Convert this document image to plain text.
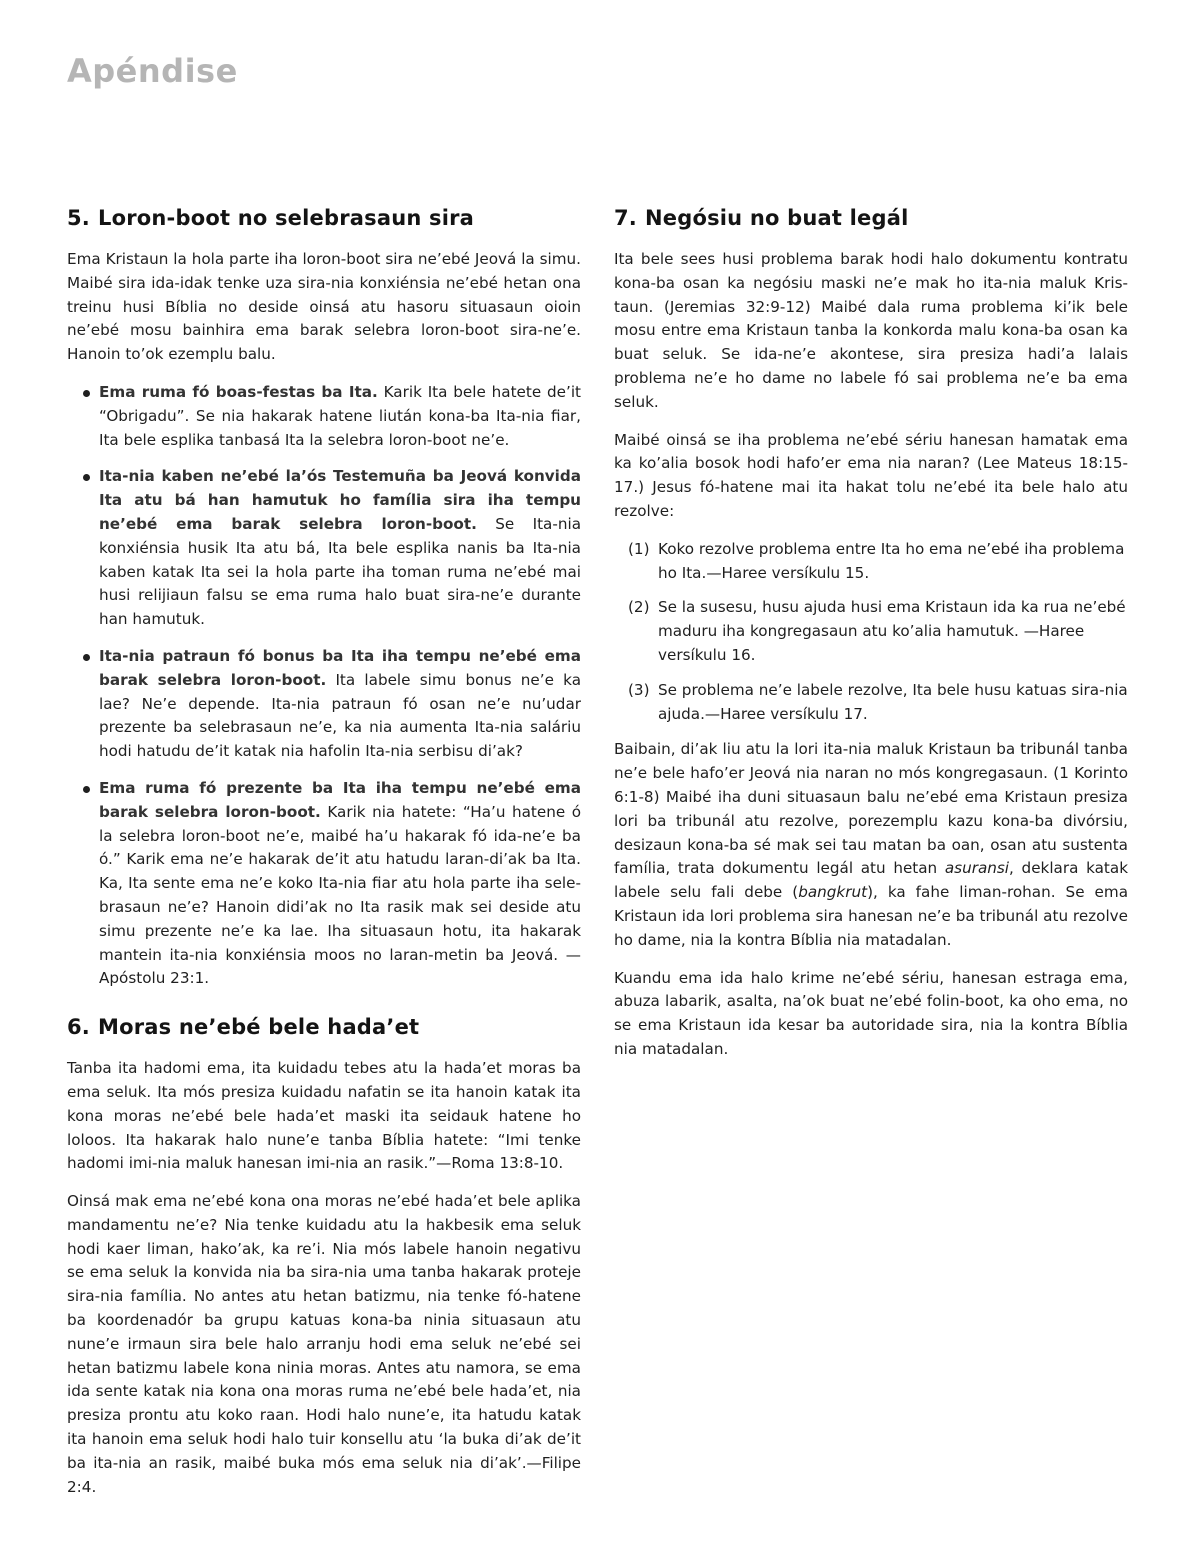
Apéndise
5. Loron-boot no selebrasaun sira

Ema Kristaun la hola parte iha loron-boot sira ne’ebé Jeová la simu. Maibé sira ida-idak tenke uza sira-nia konxiénsia ne’ebé hetan ona treinu husi Bíblia no deside oinsá atu hasoru situasaun oioin ne’ebé mosu bainhira ema barak selebra loron-boot sira-ne’e. Hanoin to’ok ezemplu balu.

Ema ruma fó boas-festas ba Ita. Karik Ita bele hatete de’it “Obrigadu”. Se nia hakarak hatene liután kona-ba Ita-nia fiar, Ita bele esplika tanbasá Ita la selebra loron-boot ne’e.
Ita-nia kaben ne’ebé la’ós Testemuña ba Jeová konvida Ita atu bá han hamutuk ho família sira iha tempu ne’ebé ema barak selebra loron-boot. Se Ita-nia konxiénsia husik Ita atu bá, Ita bele esplika nanis ba Ita-nia kaben katak Ita sei la hola parte iha toman ruma ne’ebé mai husi relijiaun falsu se ema ruma halo buat sira-ne’e durante han hamutuk.
Ita-nia patraun fó bonus ba Ita iha tempu ne’ebé ema barak selebra loron-boot. Ita labele simu bonus ne’e ka lae? Ne’e depende. Ita-nia patraun fó osan ne’e nu’udar prezente ba selebrasaun ne’e, ka nia aumenta Ita-nia saláriu hodi hatudu de’it katak nia hafolin Ita-nia serbisu di’ak?
Ema ruma fó prezente ba Ita iha tempu ne’ebé ema barak selebra loron-boot. Karik nia hatete: “Ha’u hatene ó la selebra loron-boot ne’e, maibé ha’u hakarak fó ida-ne’e ba ó.” Karik ema ne’e hakarak de’it atu hatudu laran-di’ak ba Ita. Ka, Ita sente ema ne’e koko Ita-nia fiar atu hola parte iha selebrasaun ne’e? Hanoin didi’ak no Ita rasik mak sei deside atu simu prezente ne’e ka lae. Iha situasaun hotu, ita hakarak mantein ita-nia konxiénsia moos no laran-metin ba Jeová. —Apóstolu 23:1.
6. Moras ne’ebé bele hada’et

Tanba ita hadomi ema, ita kuidadu tebes atu la hada’et moras ba ema seluk. Ita mós presiza kuidadu nafatin se ita hanoin katak ita kona moras ne’ebé bele hada’et maski ita seidauk hatene ho loloos. Ita hakarak halo nune’e tanba Bíblia hatete: “Imi tenke hadomi imi-nia maluk hanesan imi-nia an rasik.”—Roma 13:8-10.

Oinsá mak ema ne’ebé kona ona moras ne’ebé hada’et bele aplika mandamentu ne’e? Nia tenke kuidadu atu la hakbesik ema seluk hodi kaer liman, hako’ak, ka re’i. Nia mós labele hanoin negativu se ema seluk la konvida nia ba sira-nia uma tanba hakarak proteje sira-nia família. No antes atu hetan batizmu, nia tenke fó-hatene ba koordenadór ba grupu katuas kona-ba ninia situasaun atu nune’e irmaun sira bele halo arranju hodi ema seluk ne’ebé sei hetan batizmu labele kona ninia moras. Antes atu namora, se ema ida sente katak nia kona ona moras ruma ne’ebé bele hada’et, nia presiza prontu atu koko raan. Hodi halo nune’e, ita hatudu katak ita hanoin ema seluk hodi halo tuir konsellu atu ‘la buka di’ak de’it ba ita-nia an rasik, maibé buka mós ema seluk nia di’ak’.—Filipe 2:4.

7. Negósiu no buat legál

Ita bele sees husi problema barak hodi halo dokumentu kontratu kona-ba osan ka negósiu maski ne’e mak ho ita-nia maluk Kristaun. (Jeremias 32:9-12) Maibé dala ruma problema ki’ik bele mosu entre ema Kristaun tanba la konkorda malu kona-ba osan ka buat seluk. Se ida-ne’e akontese, sira presiza hadi’a lalais problema ne’e ho dame no labele fó sai problema ne’e ba ema seluk.

Maibé oinsá se iha problema ne’ebé sériu hanesan hamatak ema ka ko’alia bosok hodi hafo’er ema nia naran? (Lee Mateus 18:15-17.) Jesus fó-hatene mai ita hakat tolu ne’ebé ita bele halo atu rezolve:

(1) Koko rezolve problema entre Ita ho ema ne’ebé iha problema ho Ita.—Haree versíkulu 15.
(2) Se la susesu, husu ajuda husi ema Kristaun ida ka rua ne’ebé maduru iha kongregasaun atu ko’alia hamutuk. —Haree versíkulu 16.
(3) Se problema ne’e labele rezolve, Ita bele husu katuas sira-nia ajuda.—Haree versíkulu 17.

Baibain, di’ak liu atu la lori ita-nia maluk Kristaun ba tribunál tanba ne’e bele hafo’er Jeová nia naran no mós kongregasaun. (1 Korinto 6:1-8) Maibé iha duni situasaun balu ne’ebé ema Kristaun presiza lori ba tribunál atu rezolve, porezemplu kazu kona-ba divórsiu, desizaun kona-ba sé mak sei tau matan ba oan, osan atu sustenta família, trata dokumentu legál atu hetan asuransi, deklara katak labele selu fali debe (bangkrut), ka fahe liman-rohan. Se ema Kristaun ida lori problema sira hanesan ne’e ba tribunál atu rezolve ho dame, nia la kontra Bíblia nia matadalan.

Kuandu ema ida halo krime ne’ebé sériu, hanesan estraga ema, abuza labarik, asalta, na’ok buat ne’ebé folin-boot, ka oho ema, no se ema Kristaun ida kesar ba autoridade sira, nia la kontra Bíblia nia matadalan.
